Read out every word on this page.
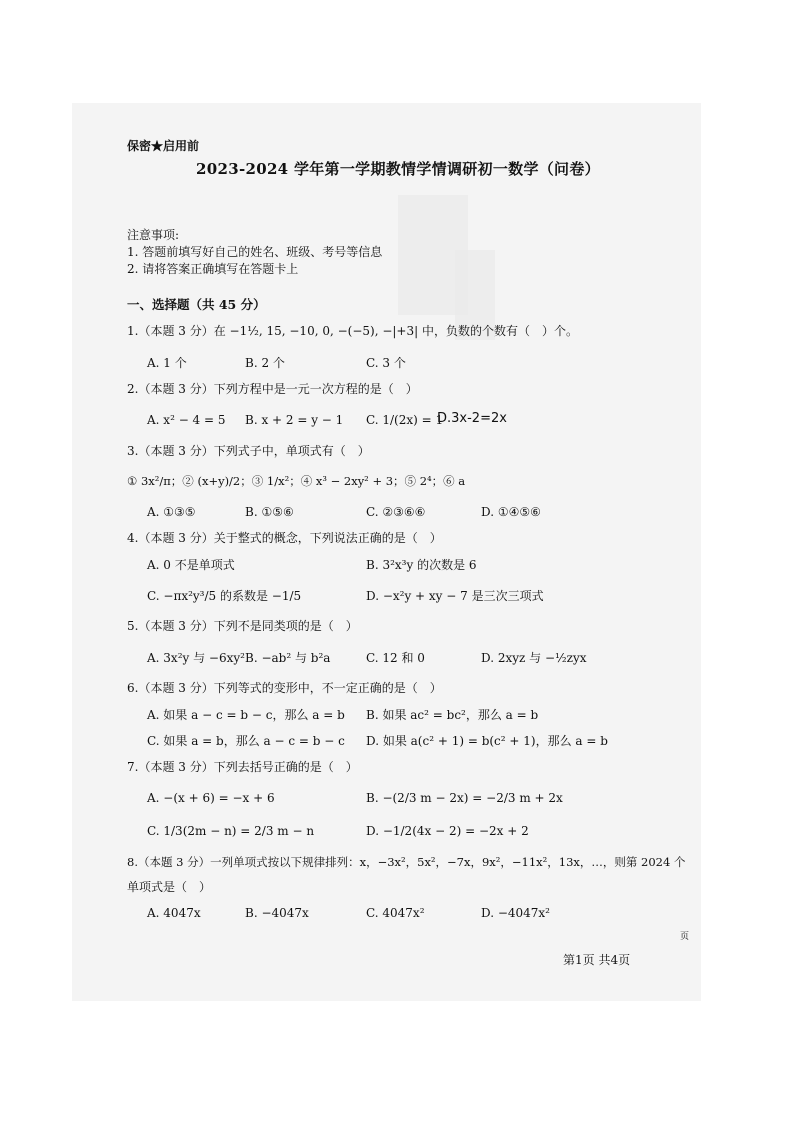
保密★启用前
2023-2024 学年第一学期教情学情调研初一数学（问卷）
注意事项:
1. 答题前填写好自己的姓名、班级、考号等信息
2. 请将答案正确填写在答题卡上
一、选择题（共 45 分）
1.（本题 3 分）在 −1½, 15, −10, 0, −(−5), −|+3| 中，负数的个数有（　）个。
A. 1 个	B. 2 个	C. 3 个
2.（本题 3 分）下列方程中是一元一次方程的是（　）
A. x² − 4 = 5 B. x + 2 = y − 1 C. 1/(2x) = 1
D.3x-2=2x
3.（本题 3 分）下列式子中，单项式有（　）
① 3x²/π；② (x+y)/2；③ 1/x²；④ x³ − 2xy² + 3；⑤ 2⁴；⑥ a
A. ①③⑤	B. ①⑤⑥	C. ②③⑥⑥	D. ①④⑤⑥
4.（本题 3 分）关于整式的概念，下列说法正确的是（　）
A. 0 不是单项式	B. 3²x³y 的次数是 6
C. −πx²y³/5 的系数是 −1/5	D. −x²y + xy − 7 是三次三项式
5.（本题 3 分）下列不是同类项的是（　）
A. 3x²y 与 −6xy² B. −ab² 与 b²a	C. 12 和 0	D. 2xyz 与 −½zyx
6.（本题 3 分）下列等式的变形中，不一定正确的是（　）
A. 如果 a − c = b − c，那么 a = b B. 如果 ac² = bc²，那么 a = b
C. 如果 a = b，那么 a − c = b − c D. 如果 a(c² + 1) = b(c² + 1)，那么 a = b
7.（本题 3 分）下列去括号正确的是（　）
A. −(x + 6) = −x + 6	B. −(2/3 m − 2x) = −2/3 m + 2x
C. 1/3(2m − n) = 2/3 m − n	D. −1/2(4x − 2) = −2x + 2
8.（本题 3 分）一列单项式按以下规律排列：x，−3x²，5x²，−7x，9x²，−11x²，13x，…，则第 2024 个
单项式是（　）
A. 4047x	B. −4047x	C. 4047x²	D. −4047x²
页
第1页 共4页
